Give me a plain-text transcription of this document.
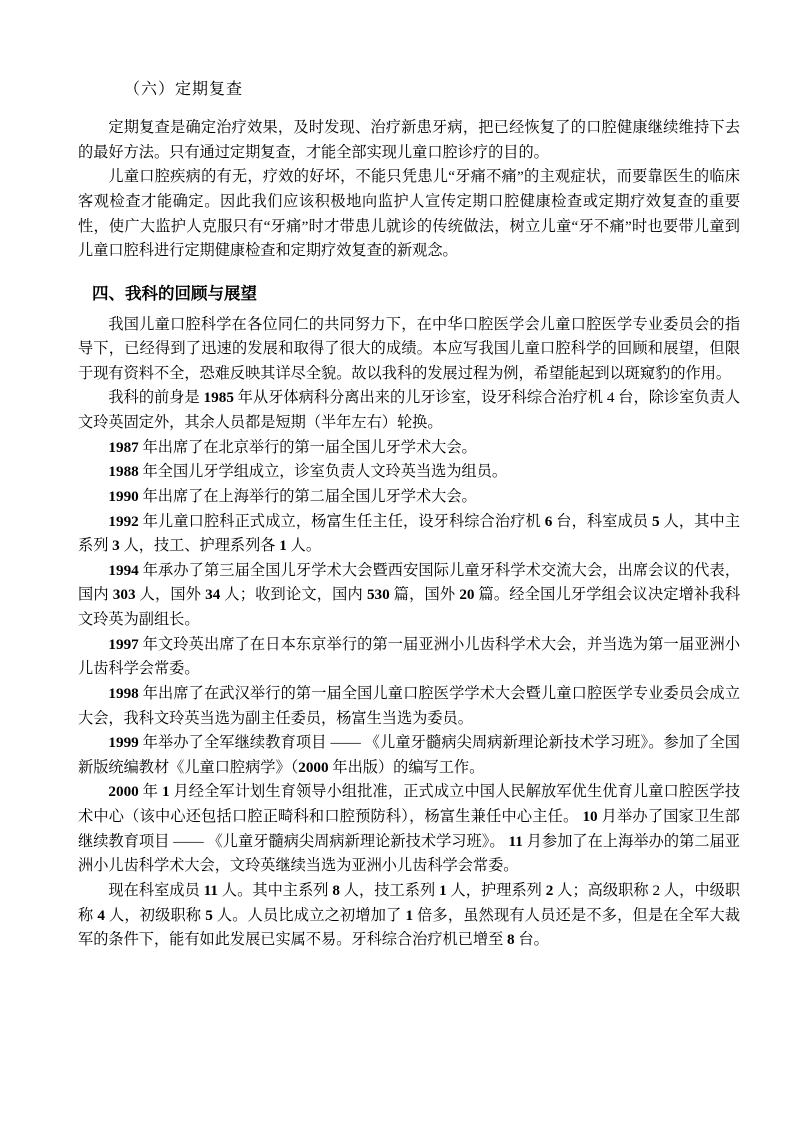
（六）定期复查

定期复查是确定治疗效果，及时发现、治疗新患牙病，把已经恢复了的口腔健康继续维持下去的最好方法。只有通过定期复查，才能全部实现儿童口腔诊疗的目的。

儿童口腔疾病的有无，疗效的好坏，不能只凭患儿“牙痛不痛”的主观症状，而要靠医生的临床客观检查才能确定。因此我们应该积极地向监护人宣传定期口腔健康检查或定期疗效复查的重要性，使广大监护人克服只有“牙痛”时才带患儿就诊的传统做法，树立儿童“牙不痛”时也要带儿童到儿童口腔科进行定期健康检查和定期疗效复查的新观念。

四、我科的回顾与展望

我国儿童口腔科学在各位同仁的共同努力下，在中华口腔医学会儿童口腔医学专业委员会的指导下，已经得到了迅速的发展和取得了很大的成绩。本应写我国儿童口腔科学的回顾和展望，但限于现有资料不全，恐难反映其详尽全貌。故以我科的发展过程为例，希望能起到以斑窥豹的作用。

我科的前身是 1985 年从牙体病科分离出来的儿牙诊室，设牙科综合治疗机 4 台，除诊室负责人文玲英固定外，其余人员都是短期（半年左右）轮换。

1987 年出席了在北京举行的第一届全国儿牙学术大会。

1988 年全国儿牙学组成立，诊室负责人文玲英当选为组员。

1990 年出席了在上海举行的第二届全国儿牙学术大会。

1992 年儿童口腔科正式成立，杨富生任主任，设牙科综合治疗机 6 台，科室成员 5 人，其中主系列 3 人，技工、护理系列各 1 人。

1994 年承办了第三届全国儿牙学术大会暨西安国际儿童牙科学术交流大会，出席会议的代表，国内 303 人，国外 34 人；收到论文，国内 530 篇，国外 20 篇。经全国儿牙学组会议决定增补我科文玲英为副组长。

1997 年文玲英出席了在日本东京举行的第一届亚洲小儿齿科学术大会，并当选为第一届亚洲小儿齿科学会常委。

1998 年出席了在武汉举行的第一届全国儿童口腔医学学术大会暨儿童口腔医学专业委员会成立大会，我科文玲英当选为副主任委员，杨富生当选为委员。

1999 年举办了全军继续教育项目 —— 《儿童牙髓病尖周病新理论新技术学习班》。参加了全国新版统编教材《儿童口腔病学》（2000 年出版）的编写工作。

2000 年 1 月经全军计划生育领导小组批准，正式成立中国人民解放军优生优育儿童口腔医学技术中心（该中心还包括口腔正畸科和口腔预防科），杨富生兼任中心主任。 10 月举办了国家卫生部继续教育项目 —— 《儿童牙髓病尖周病新理论新技术学习班》。 11 月参加了在上海举办的第二届亚洲小儿齿科学术大会，文玲英继续当选为亚洲小儿齿科学会常委。

现在科室成员 11 人。其中主系列 8 人，技工系列 1 人，护理系列 2 人；高级职称 2 人，中级职称 4 人，初级职称 5 人。人员比成立之初增加了 1 倍多，虽然现有人员还是不多，但是在全军大裁军的条件下，能有如此发展已实属不易。牙科综合治疗机已增至 8 台。
